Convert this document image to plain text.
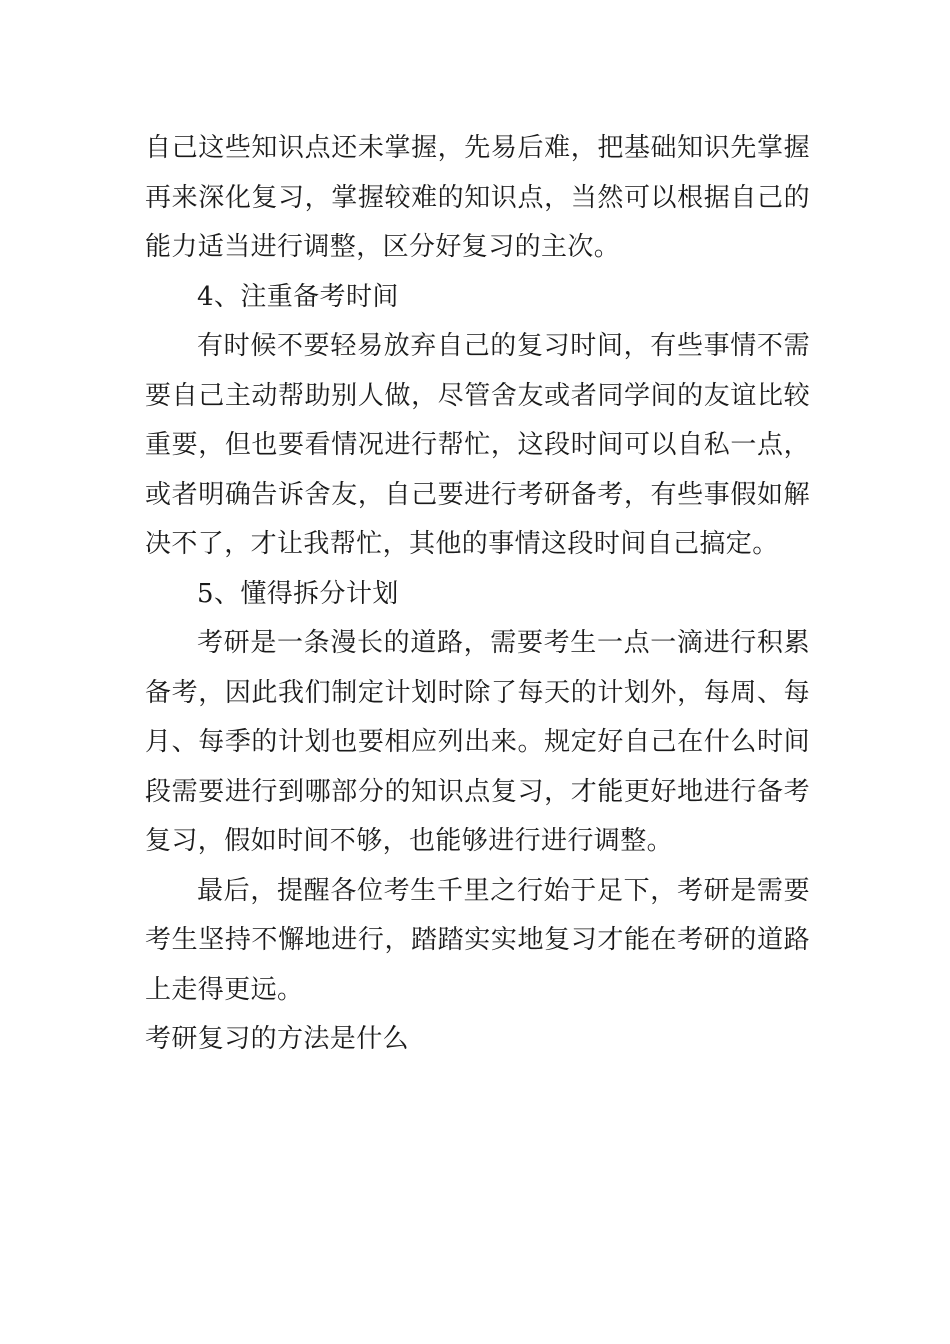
自己这些知识点还未掌握，先易后难，把基础知识先掌握再来深化复习，掌握较难的知识点，当然可以根据自己的能力适当进行调整，区分好复习的主次。

4、注重备考时间

有时候不要轻易放弃自己的复习时间，有些事情不需要自己主动帮助别人做，尽管舍友或者同学间的友谊比较重要，但也要看情况进行帮忙，这段时间可以自私一点，或者明确告诉舍友，自己要进行考研备考，有些事假如解决不了，才让我帮忙，其他的事情这段时间自己搞定。

5、懂得拆分计划

考研是一条漫长的道路，需要考生一点一滴进行积累备考，因此我们制定计划时除了每天的计划外，每周、每月、每季的计划也要相应列出来。规定好自己在什么时间段需要进行到哪部分的知识点复习，才能更好地进行备考复习，假如时间不够，也能够进行进行调整。

最后，提醒各位考生千里之行始于足下，考研是需要考生坚持不懈地进行，踏踏实实地复习才能在考研的道路上走得更远。

考研复习的方法是什么
